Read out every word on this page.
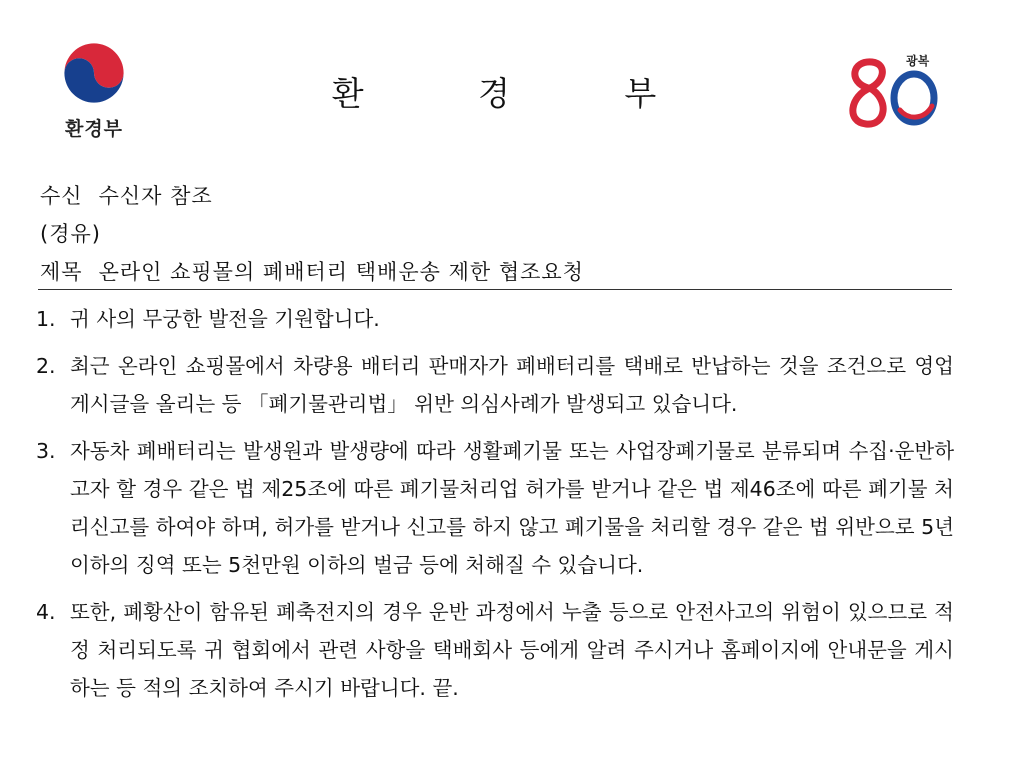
환경부
환 경 부
광복
수신 수신자 참조
(경유)
제목 온라인 쇼핑몰의 폐배터리 택배운송 제한 협조요청
1. 귀 사의 무궁한 발전을 기원합니다.
2. 최근 온라인 쇼핑몰에서 차량용 배터리 판매자가 폐배터리를 택배로 반납하는 것을 조건으로 영업 게시글을 올리는 등 「폐기물관리법」 위반 의심사례가 발생되고 있습니다.
3. 자동차 폐배터리는 발생원과 발생량에 따라 생활폐기물 또는 사업장폐기물로 분류되며 수집·운반하고자 할 경우 같은 법 제25조에 따른 폐기물처리업 허가를 받거나 같은 법 제46조에 따른 폐기물 처리신고를 하여야 하며, 허가를 받거나 신고를 하지 않고 폐기물을 처리할 경우 같은 법 위반으로 5년 이하의 징역 또는 5천만원 이하의 벌금 등에 처해질 수 있습니다.
4. 또한, 폐황산이 함유된 폐축전지의 경우 운반 과정에서 누출 등으로 안전사고의 위험이 있으므로 적정 처리되도록 귀 협회에서 관련 사항을 택배회사 등에게 알려 주시거나 홈페이지에 안내문을 게시하는 등 적의 조치하여 주시기 바랍니다. 끝.
